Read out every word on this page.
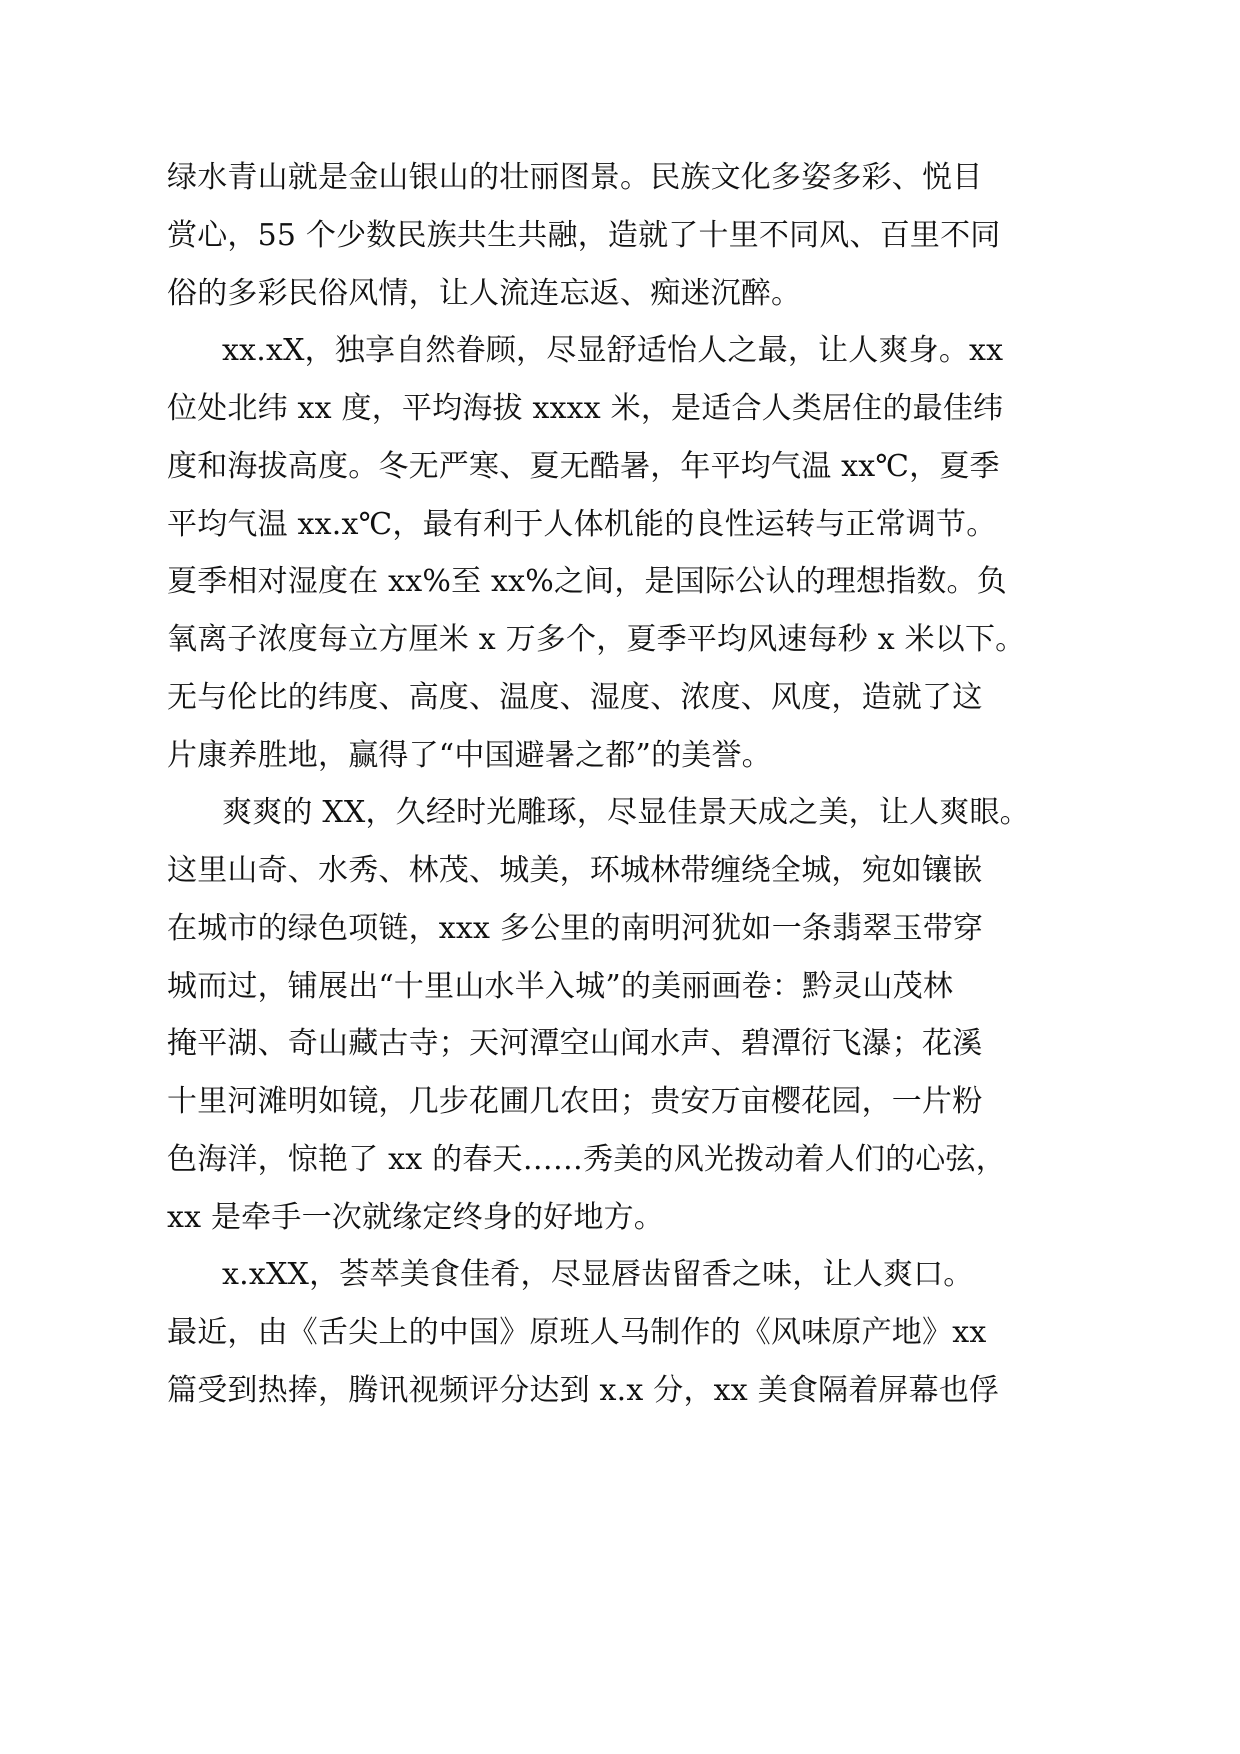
绿水青山就是金山银山的壮丽图景。民族文化多姿多彩、悦目
赏心，55 个少数民族共生共融，造就了十里不同风、百里不同
俗的多彩民俗风情，让人流连忘返、痴迷沉醉。
xx.xX，独享自然眷顾，尽显舒适怡人之最，让人爽身。xx
位处北纬 xx 度，平均海拔 xxxx 米，是适合人类居住的最佳纬
度和海拔高度。冬无严寒、夏无酷暑，年平均气温 xx℃，夏季
平均气温 xx.x℃，最有利于人体机能的良性运转与正常调节。
夏季相对湿度在 xx%至 xx%之间，是国际公认的理想指数。负
氧离子浓度每立方厘米 x 万多个，夏季平均风速每秒 x 米以下。
无与伦比的纬度、高度、温度、湿度、浓度、风度，造就了这
片康养胜地，赢得了“中国避暑之都”的美誉。
爽爽的 XX，久经时光雕琢，尽显佳景天成之美，让人爽眼。
这里山奇、水秀、林茂、城美，环城林带缠绕全城，宛如镶嵌
在城市的绿色项链，xxx 多公里的南明河犹如一条翡翠玉带穿
城而过，铺展出“十里山水半入城”的美丽画卷：黔灵山茂林
掩平湖、奇山藏古寺；天河潭空山闻水声、碧潭衍飞瀑；花溪
十里河滩明如镜，几步花圃几农田；贵安万亩樱花园，一片粉
色海洋，惊艳了 xx 的春天……秀美的风光拨动着人们的心弦，
xx 是牵手一次就缘定终身的好地方。
x.xXX，荟萃美食佳肴，尽显唇齿留香之味，让人爽口。
最近，由《舌尖上的中国》原班人马制作的《风味原产地》xx
篇受到热捧，腾讯视频评分达到 x.x 分，xx 美食隔着屏幕也俘
